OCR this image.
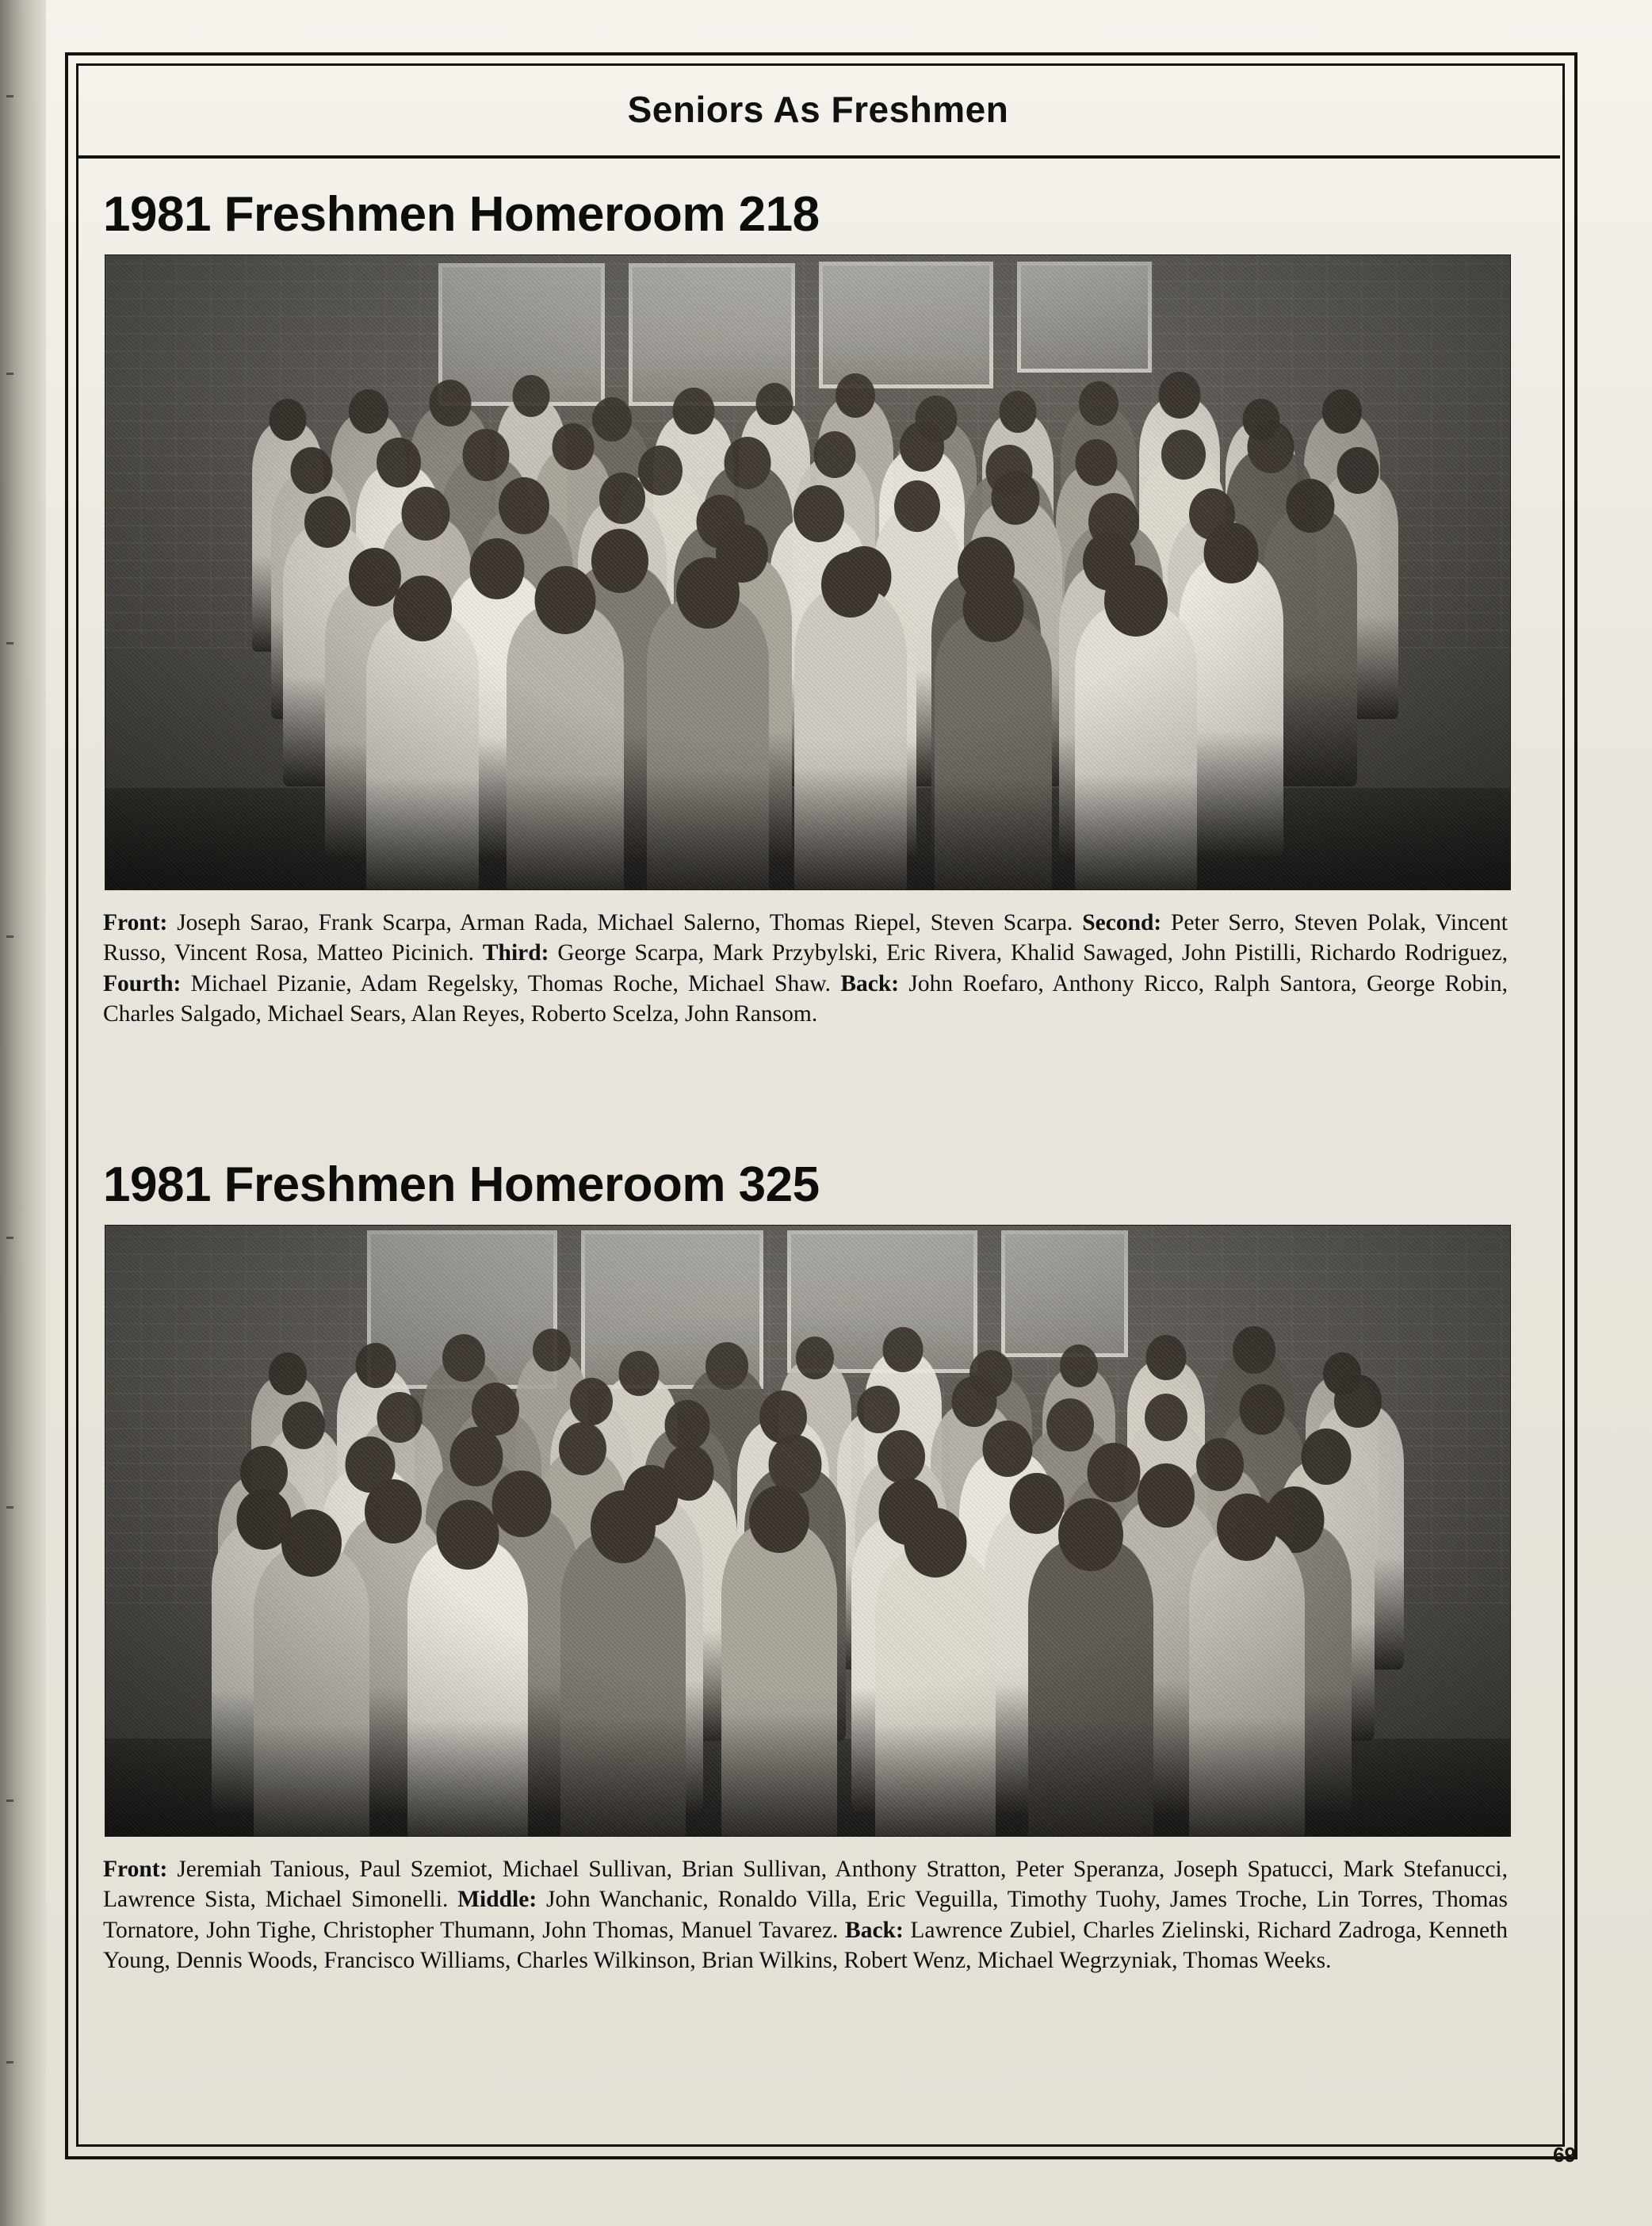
Seniors As Freshmen
1981 Freshmen Homeroom 218
Front: Joseph Sarao, Frank Scarpa, Arman Rada, Michael Salerno, Thomas Riepel, Steven Scarpa. Second: Peter Serro, Steven Polak, Vincent Russo, Vincent Rosa, Matteo Picinich. Third: George Scarpa, Mark Przybylski, Eric Rivera, Khalid Sawaged, John Pistilli, Richardo Rodriguez, Fourth: Michael Pizanie, Adam Regelsky, Thomas Roche, Michael Shaw. Back: John Roefaro, Anthony Ricco, Ralph Santora, George Robin, Charles Salgado, Michael Sears, Alan Reyes, Roberto Scelza, John Ransom.
1981 Freshmen Homeroom 325
Front: Jeremiah Tanious, Paul Szemiot, Michael Sullivan, Brian Sullivan, Anthony Stratton, Peter Speranza, Joseph Spatucci, Mark Stefanucci, Lawrence Sista, Michael Simonelli. Middle: John Wanchanic, Ronaldo Villa, Eric Veguilla, Timothy Tuohy, James Troche, Lin Torres, Thomas Tornatore, John Tighe, Christopher Thumann, John Thomas, Manuel Tavarez. Back: Lawrence Zubiel, Charles Zielinski, Richard Zadroga, Kenneth Young, Dennis Woods, Francisco Williams, Charles Wilkinson, Brian Wilkins, Robert Wenz, Michael Wegrzyniak, Thomas Weeks.
69
